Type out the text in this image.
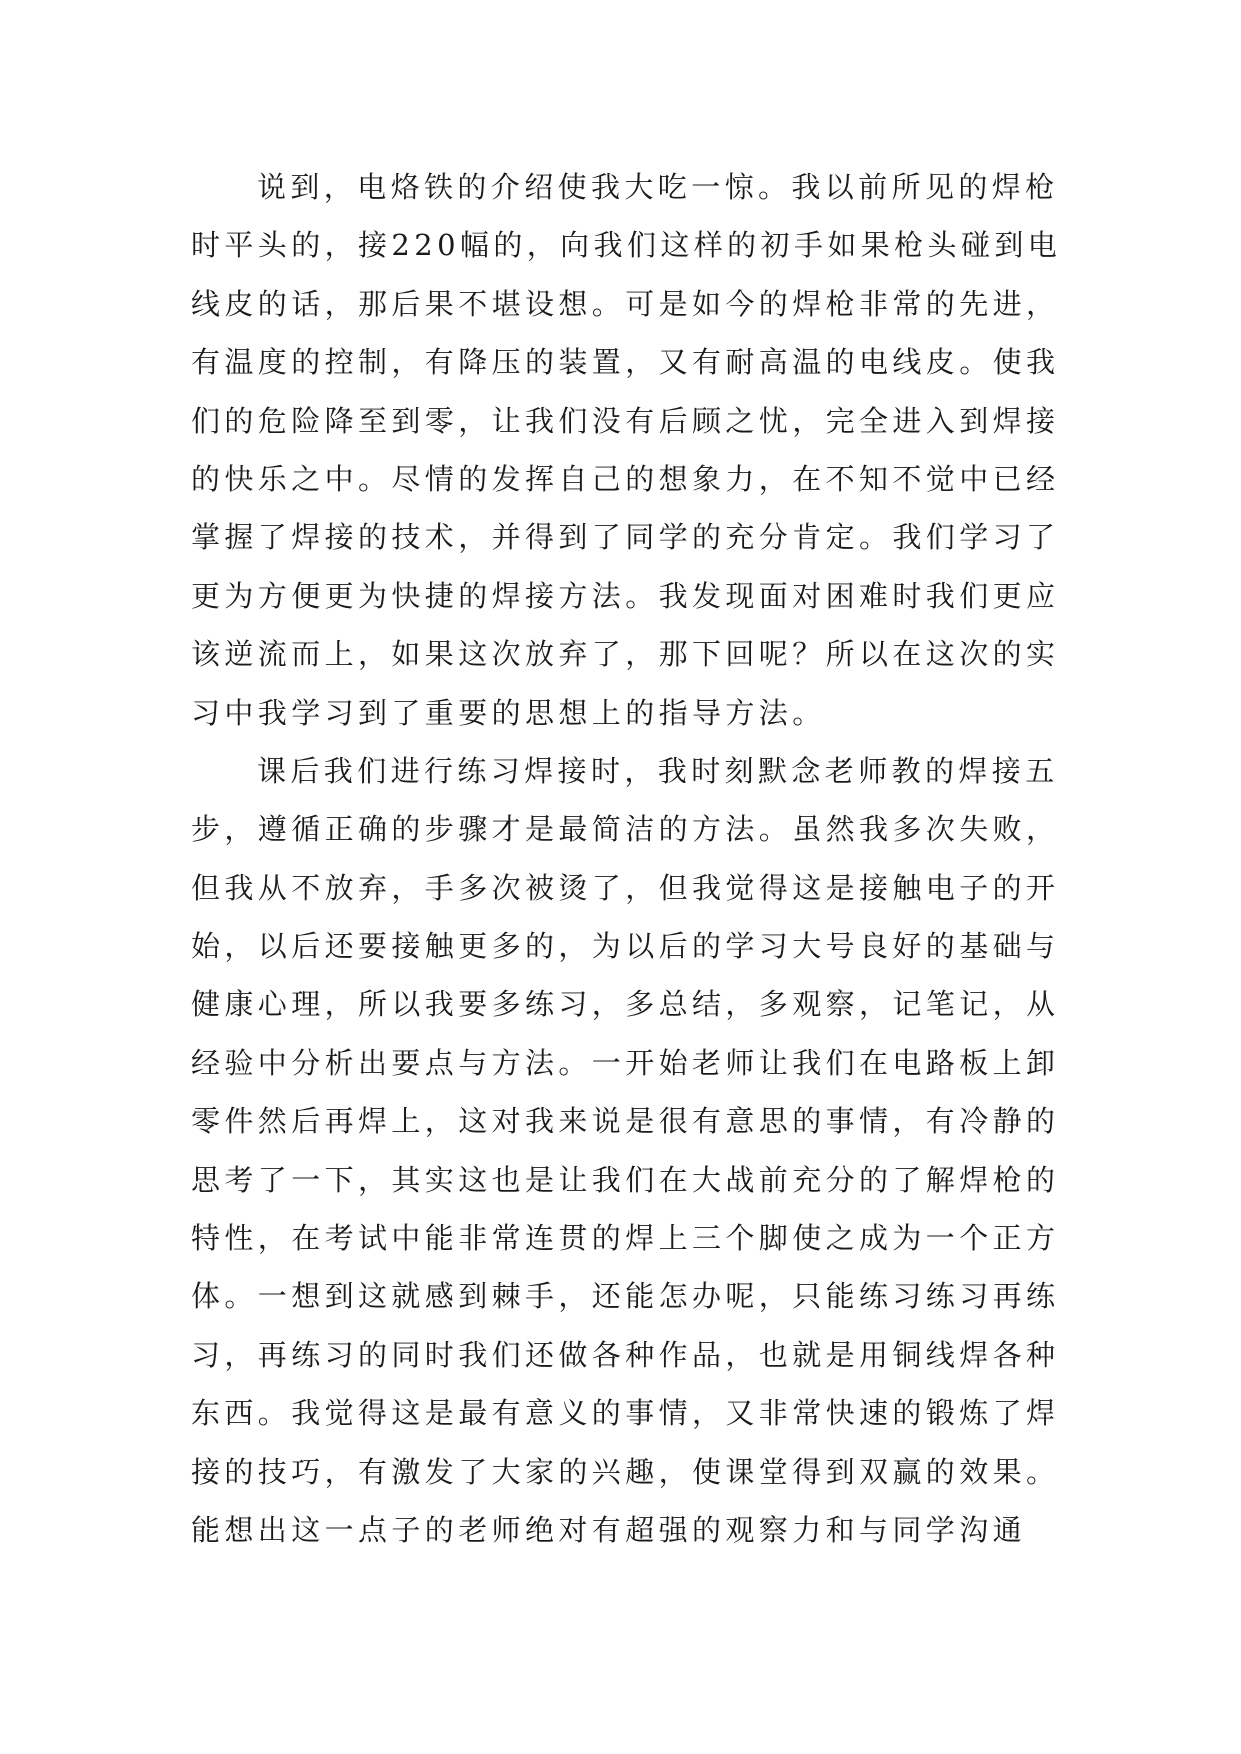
说到，电烙铁的介绍使我大吃一惊。我以前所见的焊枪
时平头的，接220幅的，向我们这样的初手如果枪头碰到电
线皮的话，那后果不堪设想。可是如今的焊枪非常的先进，
有温度的控制，有降压的装置，又有耐高温的电线皮。使我
们的危险降至到零，让我们没有后顾之忧，完全进入到焊接
的快乐之中。尽情的发挥自己的想象力，在不知不觉中已经
掌握了焊接的技术，并得到了同学的充分肯定。我们学习了
更为方便更为快捷的焊接方法。我发现面对困难时我们更应
该逆流而上，如果这次放弃了，那下回呢？所以在这次的实
习中我学习到了重要的思想上的指导方法。
课后我们进行练习焊接时，我时刻默念老师教的焊接五
步，遵循正确的步骤才是最简洁的方法。虽然我多次失败，
但我从不放弃，手多次被烫了，但我觉得这是接触电子的开
始，以后还要接触更多的，为以后的学习大号良好的基础与
健康心理，所以我要多练习，多总结，多观察，记笔记，从
经验中分析出要点与方法。一开始老师让我们在电路板上卸
零件然后再焊上，这对我来说是很有意思的事情，有冷静的
思考了一下，其实这也是让我们在大战前充分的了解焊枪的
特性，在考试中能非常连贯的焊上三个脚使之成为一个正方
体。一想到这就感到棘手，还能怎办呢，只能练习练习再练
习，再练习的同时我们还做各种作品，也就是用铜线焊各种
东西。我觉得这是最有意义的事情，又非常快速的锻炼了焊
接的技巧，有激发了大家的兴趣，使课堂得到双赢的效果。
能想出这一点子的老师绝对有超强的观察力和与同学沟通
